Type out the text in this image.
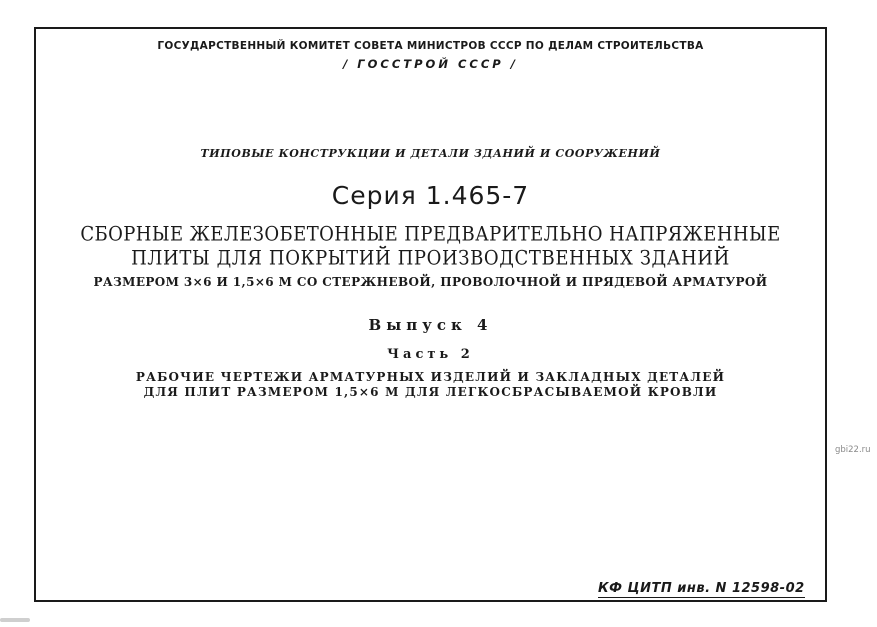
ГОСУДАРСТВЕННЫЙ КОМИТЕТ СОВЕТА МИНИСТРОВ СССР ПО ДЕЛАМ СТРОИТЕЛЬСТВА
/ ГОССТРОЙ СССР /
ТИПОВЫЕ КОНСТРУКЦИИ И ДЕТАЛИ ЗДАНИЙ И СООРУЖЕНИЙ
Серия 1.465-7
СБОРНЫЕ ЖЕЛЕЗОБЕТОННЫЕ ПРЕДВАРИТЕЛЬНО НАПРЯЖЕННЫЕ
ПЛИТЫ ДЛЯ ПОКРЫТИЙ ПРОИЗВОДСТВЕННЫХ ЗДАНИЙ
РАЗМЕРОМ 3×6 И 1,5×6 М СО СТЕРЖНЕВОЙ, ПРОВОЛОЧНОЙ И ПРЯДЕВОЙ АРМАТУРОЙ
Выпуск 4
Часть 2
РАБОЧИЕ ЧЕРТЕЖИ АРМАТУРНЫХ ИЗДЕЛИЙ И ЗАКЛАДНЫХ ДЕТАЛЕЙ
ДЛЯ ПЛИТ РАЗМЕРОМ 1,5×6 М ДЛЯ ЛЕГКОСБРАСЫВАЕМОЙ КРОВЛИ
gbi22.ru
КФ ЦИТП инв. N 12598-02
